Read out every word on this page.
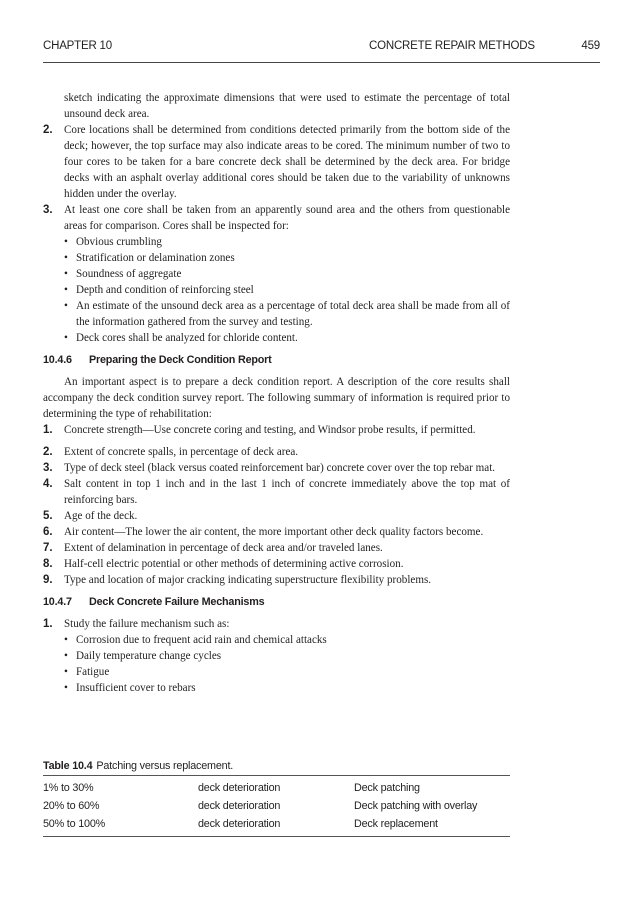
CHAPTER 10	CONCRETE REPAIR METHODS	459
sketch indicating the approximate dimensions that were used to estimate the percentage of total unsound deck area.
2. Core locations shall be determined from conditions detected primarily from the bottom side of the deck; however, the top surface may also indicate areas to be cored. The minimum number of two to four cores to be taken for a bare concrete deck shall be determined by the deck area. For bridge decks with an asphalt overlay additional cores should be taken due to the variability of unknowns hidden under the overlay.
3. At least one core shall be taken from an apparently sound area and the others from questionable areas for comparison. Cores shall be inspected for:
• Obvious crumbling
• Stratification or delamination zones
• Soundness of aggregate
• Depth and condition of reinforcing steel
• An estimate of the unsound deck area as a percentage of total deck area shall be made from all of the information gathered from the survey and testing.
• Deck cores shall be analyzed for chloride content.
10.4.6 Preparing the Deck Condition Report
An important aspect is to prepare a deck condition report. A description of the core results shall accompany the deck condition survey report. The following summary of information is required prior to determining the type of rehabilitation:
1. Concrete strength—Use concrete coring and testing, and Windsor probe results, if permitted.
2. Extent of concrete spalls, in percentage of deck area.
3. Type of deck steel (black versus coated reinforcement bar) concrete cover over the top rebar mat.
4. Salt content in top 1 inch and in the last 1 inch of concrete immediately above the top mat of reinforcing bars.
5. Age of the deck.
6. Air content—The lower the air content, the more important other deck quality factors become.
7. Extent of delamination in percentage of deck area and/or traveled lanes.
8. Half-cell electric potential or other methods of determining active corrosion.
9. Type and location of major cracking indicating superstructure flexibility problems.
10.4.7 Deck Concrete Failure Mechanisms
1. Study the failure mechanism such as:
• Corrosion due to frequent acid rain and chemical attacks
• Daily temperature change cycles
• Fatigue
• Insufficient cover to rebars
Table 10.4 Patching versus replacement.
1% to 30%	deck deterioration	Deck patching
20% to 60%	deck deterioration	Deck patching with overlay
50% to 100%	deck deterioration	Deck replacement
